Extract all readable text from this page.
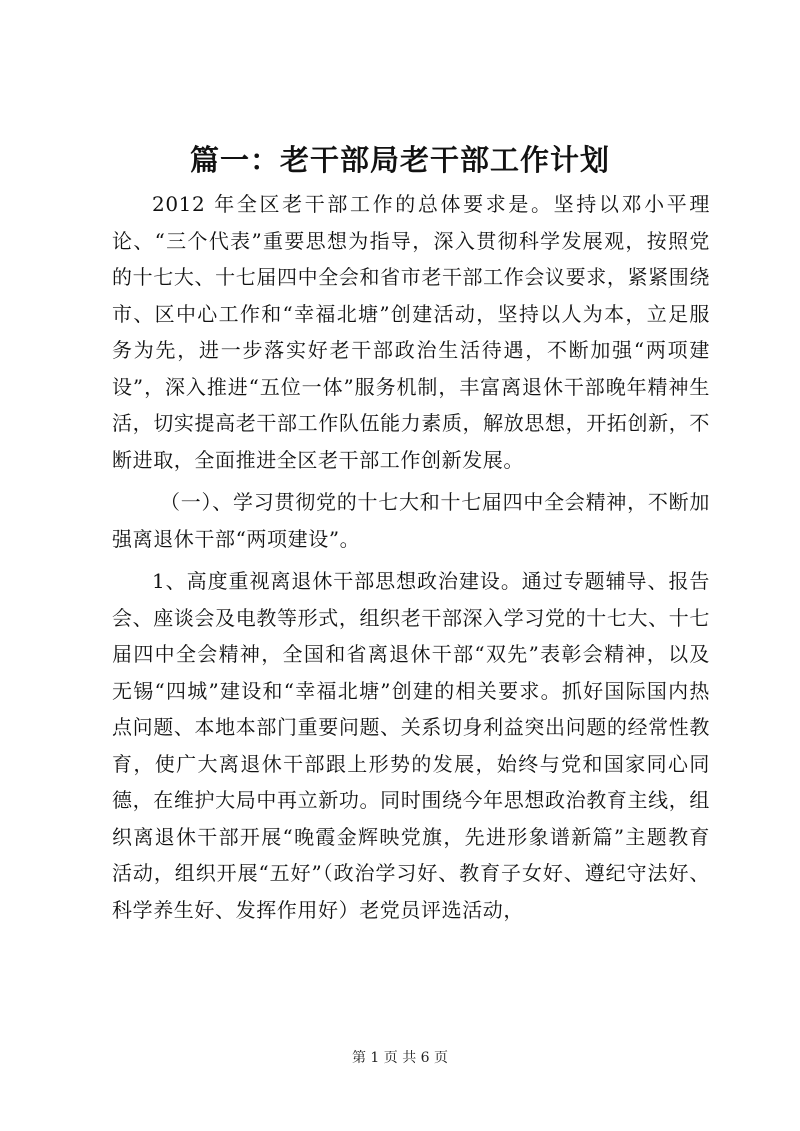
篇一：老干部局老干部工作计划

2012 年全区老干部工作的总体要求是。坚持以邓小平理论、“三个代表”重要思想为指导，深入贯彻科学发展观，按照党的十七大、十七届四中全会和省市老干部工作会议要求，紧紧围绕市、区中心工作和“幸福北塘”创建活动，坚持以人为本，立足服务为先，进一步落实好老干部政治生活待遇，不断加强“两项建设”，深入推进“五位一体”服务机制，丰富离退休干部晚年精神生活，切实提高老干部工作队伍能力素质，解放思想，开拓创新，不断进取，全面推进全区老干部工作创新发展。

（一）、学习贯彻党的十七大和十七届四中全会精神，不断加强离退休干部“两项建设”。

1、高度重视离退休干部思想政治建设。通过专题辅导、报告会、座谈会及电教等形式，组织老干部深入学习党的十七大、十七届四中全会精神，全国和省离退休干部“双先”表彰会精神，以及无锡“四城”建设和“幸福北塘”创建的相关要求。抓好国际国内热点问题、本地本部门重要问题、关系切身利益突出问题的经常性教育，使广大离退休干部跟上形势的发展，始终与党和国家同心同德，在维护大局中再立新功。同时围绕今年思想政治教育主线，组织离退休干部开展“晚霞金辉映党旗，先进形象谱新篇”主题教育活动，组织开展“五好”（政治学习好、教育子女好、遵纪守法好、科学养生好、发挥作用好）老党员评选活动，

第 1 页 共 6 页
